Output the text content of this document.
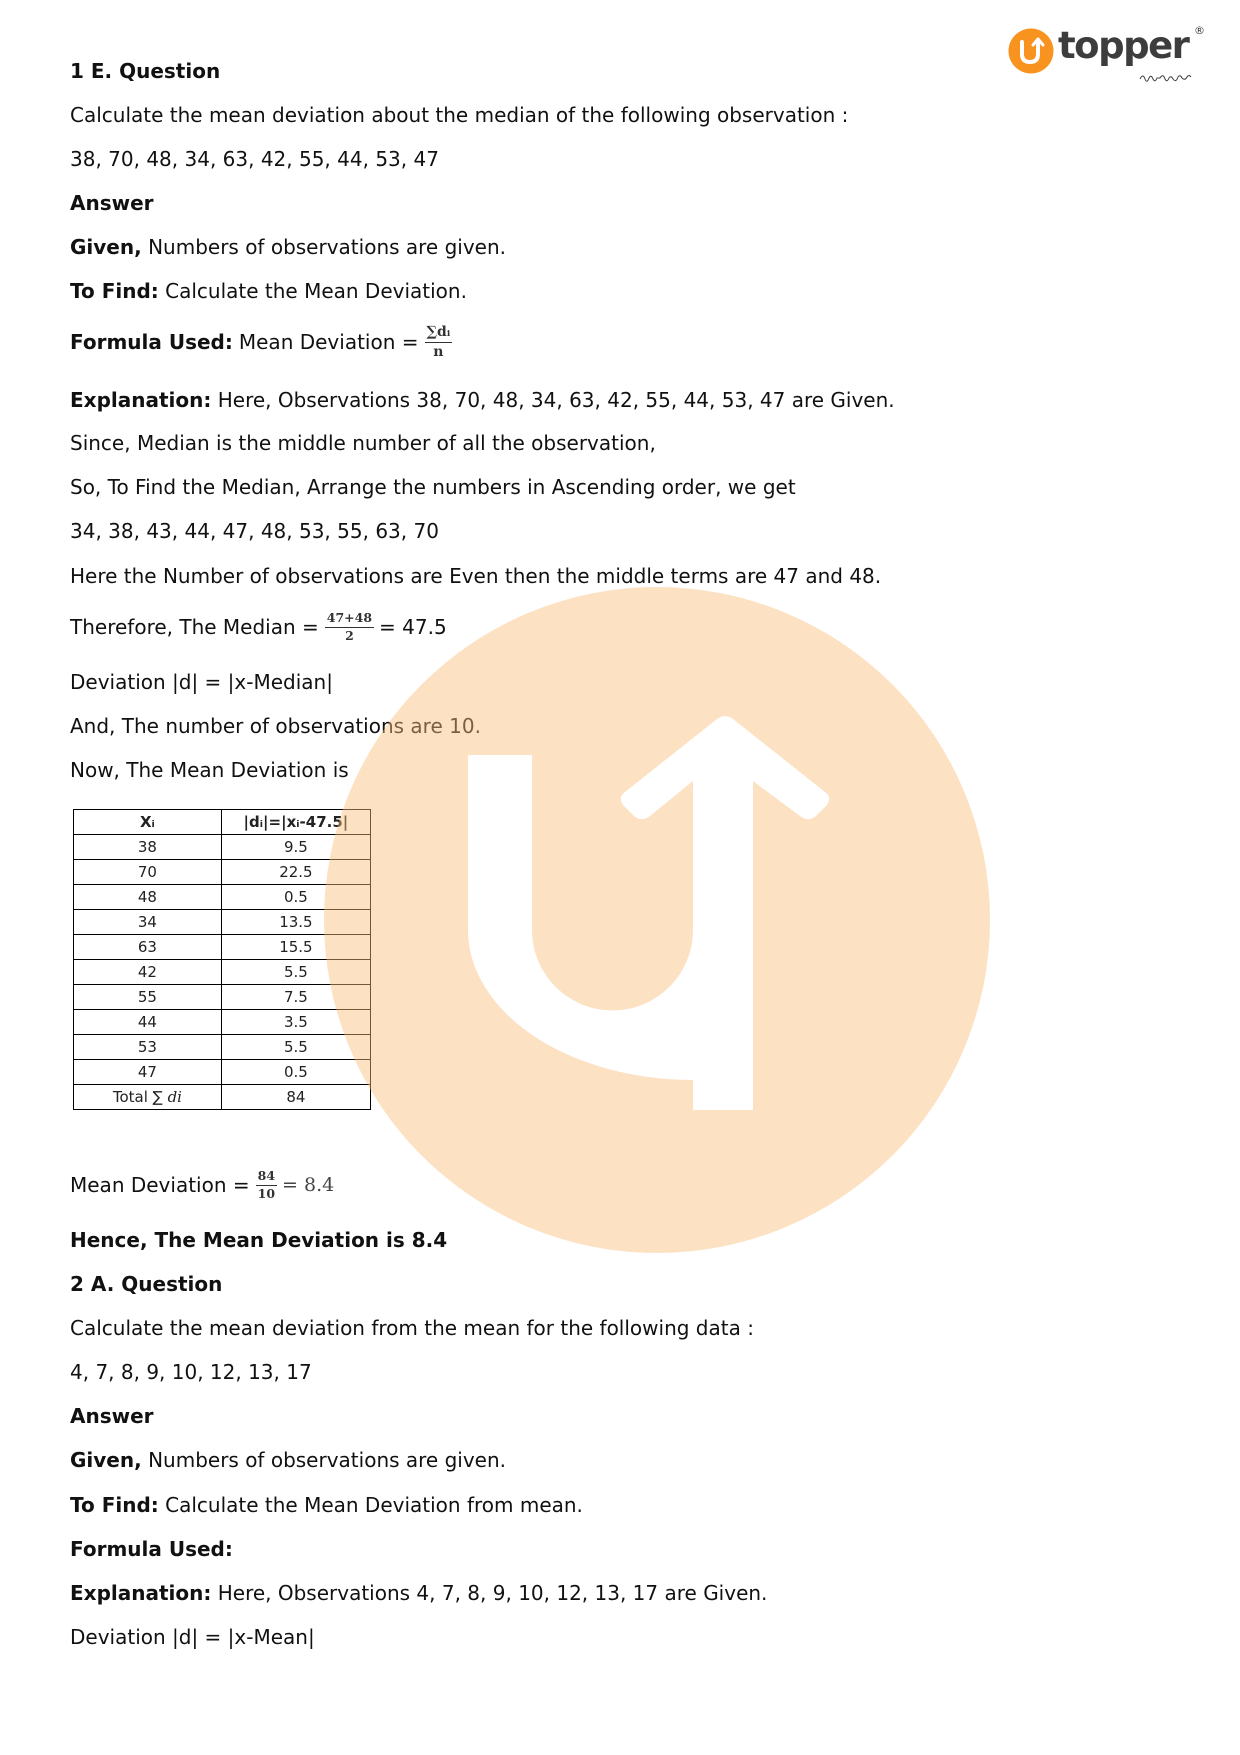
topper ®
1 E. Question
Calculate the mean deviation about the median of the following observation :
38, 70, 48, 34, 63, 42, 55, 44, 53, 47
Answer
Given, Numbers of observations are given.
To Find: Calculate the Mean Deviation.
Formula Used: Mean Deviation = $\frac{\text{∑dᵢ}}{n}$
Explanation: Here, Observations 38, 70, 48, 34, 63, 42, 55, 44, 53, 47 are Given.
Since, Median is the middle number of all the observation,
So, To Find the Median, Arrange the numbers in Ascending order, we get
34, 38, 43, 44, 47, 48, 53, 55, 63, 70
Here the Number of observations are Even then the middle terms are 47 and 48.
Therefore, The Median = $\frac{47+48}{2} = 47.5$
Deviation |d| = |x-Median|
And, The number of observations are 10.
Now, The Mean Deviation is
Xᵢ	|dᵢ|=|xᵢ-47.5|
38	9.5
70	22.5
48	0.5
34	13.5
63	15.5
42	5.5
55	7.5
44	3.5
53	5.5
47	0.5
Total ∑ di	84
Mean Deviation = $\frac{84}{10} = 8.4$
Hence, The Mean Deviation is 8.4
2 A. Question
Calculate the mean deviation from the mean for the following data :
4, 7, 8, 9, 10, 12, 13, 17
Answer
Given, Numbers of observations are given.
To Find: Calculate the Mean Deviation from mean.
Formula Used:
Explanation: Here, Observations 4, 7, 8, 9, 10, 12, 13, 17 are Given.
Deviation |d| = |x-Mean|
